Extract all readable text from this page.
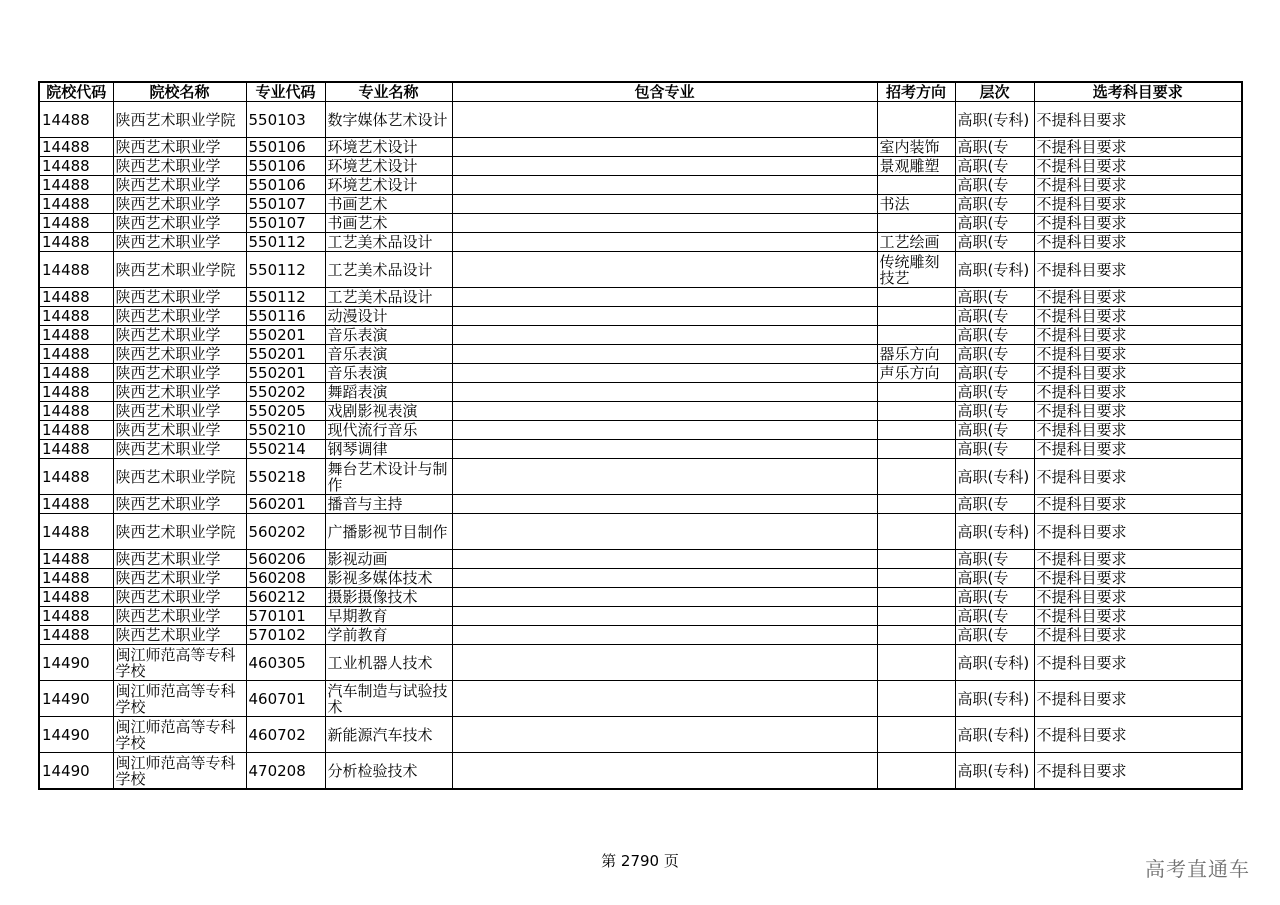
院校代码	院校名称	专业代码	专业名称	包含专业	招考方向	层次	选考科目要求
14488	陕西艺术职业学院	550103	数字媒体艺术设计			高职(专科)	不提科目要求
14488	陕西艺术职业学	550106	环境艺术设计		室内装饰	高职(专	不提科目要求
14488	陕西艺术职业学	550106	环境艺术设计		景观雕塑	高职(专	不提科目要求
14488	陕西艺术职业学	550106	环境艺术设计			高职(专	不提科目要求
14488	陕西艺术职业学	550107	书画艺术		书法	高职(专	不提科目要求
14488	陕西艺术职业学	550107	书画艺术			高职(专	不提科目要求
14488	陕西艺术职业学	550112	工艺美术品设计		工艺绘画	高职(专	不提科目要求
14488	陕西艺术职业学院	550112	工艺美术品设计		传统雕刻技艺	高职(专科)	不提科目要求
14488	陕西艺术职业学	550112	工艺美术品设计			高职(专	不提科目要求
14488	陕西艺术职业学	550116	动漫设计			高职(专	不提科目要求
14488	陕西艺术职业学	550201	音乐表演			高职(专	不提科目要求
14488	陕西艺术职业学	550201	音乐表演		器乐方向	高职(专	不提科目要求
14488	陕西艺术职业学	550201	音乐表演		声乐方向	高职(专	不提科目要求
14488	陕西艺术职业学	550202	舞蹈表演			高职(专	不提科目要求
14488	陕西艺术职业学	550205	戏剧影视表演			高职(专	不提科目要求
14488	陕西艺术职业学	550210	现代流行音乐			高职(专	不提科目要求
14488	陕西艺术职业学	550214	钢琴调律			高职(专	不提科目要求
14488	陕西艺术职业学院	550218	舞台艺术设计与制作			高职(专科)	不提科目要求
14488	陕西艺术职业学	560201	播音与主持			高职(专	不提科目要求
14488	陕西艺术职业学院	560202	广播影视节目制作			高职(专科)	不提科目要求
14488	陕西艺术职业学	560206	影视动画			高职(专	不提科目要求
14488	陕西艺术职业学	560208	影视多媒体技术			高职(专	不提科目要求
14488	陕西艺术职业学	560212	摄影摄像技术			高职(专	不提科目要求
14488	陕西艺术职业学	570101	早期教育			高职(专	不提科目要求
14488	陕西艺术职业学	570102	学前教育			高职(专	不提科目要求
14490	闽江师范高等专科学校	460305	工业机器人技术			高职(专科)	不提科目要求
14490	闽江师范高等专科学校	460701	汽车制造与试验技术			高职(专科)	不提科目要求
14490	闽江师范高等专科学校	460702	新能源汽车技术			高职(专科)	不提科目要求
14490	闽江师范高等专科学校	470208	分析检验技术			高职(专科)	不提科目要求
第 2790 页	高考直通车
